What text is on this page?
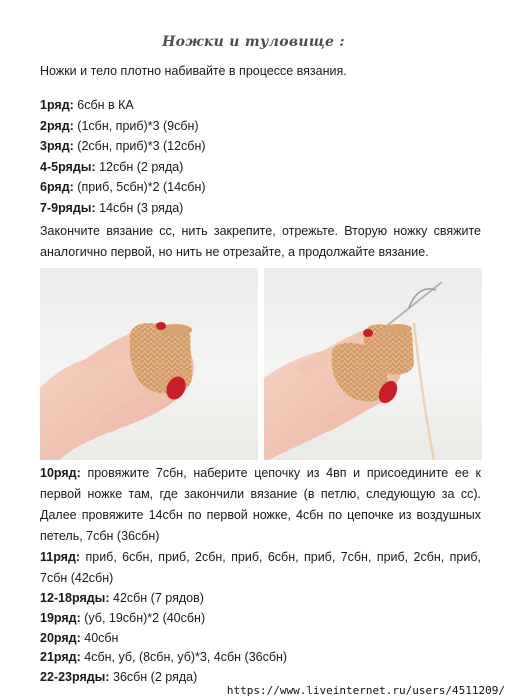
Ножки и туловище :
Ножки и тело плотно набивайте в процессе вязания.
1ряд: 6сбн в КА
2ряд: (1сбн, приб)*3 (9сбн)
3ряд: (2сбн, приб)*3 (12сбн)
4-5ряды: 12сбн (2 ряда)
6ряд: (приб, 5сбн)*2 (14сбн)
7-9ряды: 14сбн (3 ряда)
Закончите вязание сс, нить закрепите, отрежьте. Вторую ножку свяжите аналогично первой, но нить не отрезайте, а продолжайте вязание.
10ряд: провяжите 7сбн, наберите цепочку из 4вп и присоедините ее к
первой ножке там, где закончили вязание (в петлю, следующую за сс).
Далее провяжите 14сбн по первой ножке, 4сбн по цепочке из воздушных
петель, 7сбн (36сбн)
11ряд: приб, 6сбн, приб, 2сбн, приб, 6сбн, приб, 7сбн, приб, 2сбн, приб,
7сбн (42сбн)
12-18ряды: 42сбн (7 рядов)
19ряд: (уб, 19сбн)*2 (40сбн)
20ряд: 40сбн
21ряд: 4сбн, уб, (8сбн, уб)*3, 4сбн (36сбн)
22-23ряды: 36сбн (2 ряда)
https://www.liveinternet.ru/users/4511209/
